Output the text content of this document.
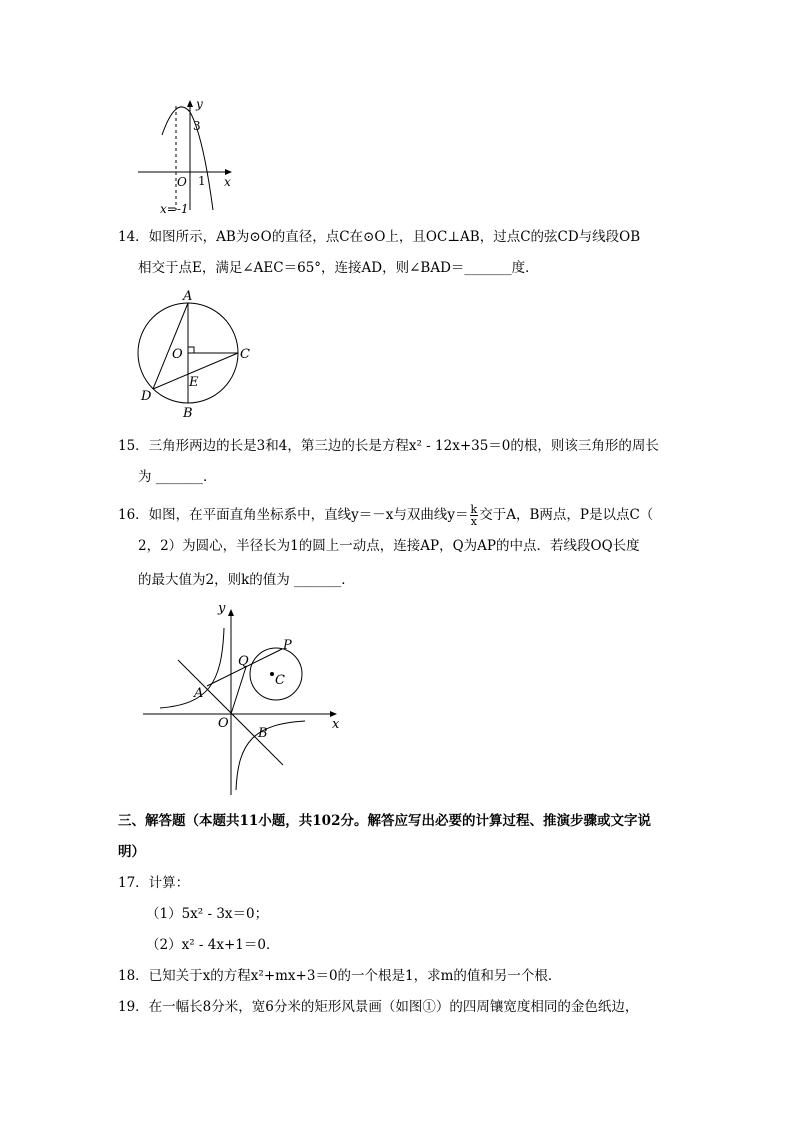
y
x
O
3
1
x=-1
14．如图所示，AB为⊙O的直径，点C在⊙O上，且OC⊥AB，过点C的弦CD与线段OB
相交于点E，满足∠AEC＝65°，连接AD，则∠BAD＝_______度．
A
B
C
D
E
O
15．三角形两边的长是3和4，第三边的长是方程x² - 12x+35＝0的根，则该三角形的周长
为 _______．
16．如图，在平面直角坐标系中，直线y＝－x与双曲线$y= \frac{k}{x}$ 交于A，B两点，P是以点C（
2，2）为圆心，半径长为1的圆上一动点，连接AP，Q为AP的中点．若线段OQ长度
的最大值为2，则k的值为 _______．
y
x
O
A
B
C
P
Q
三、解答题（本题共11小题，共102分。解答应写出必要的计算过程、推演步骤或文字说
明）
17．计算：
（1）5x² - 3x＝0；
（2）x² - 4x+1＝0．
18．已知关于x的方程x²+mx+3＝0的一个根是1，求m的值和另一个根．
19．在一幅长8分米，宽6分米的矩形风景画（如图①）的四周镶宽度相同的金色纸边，
